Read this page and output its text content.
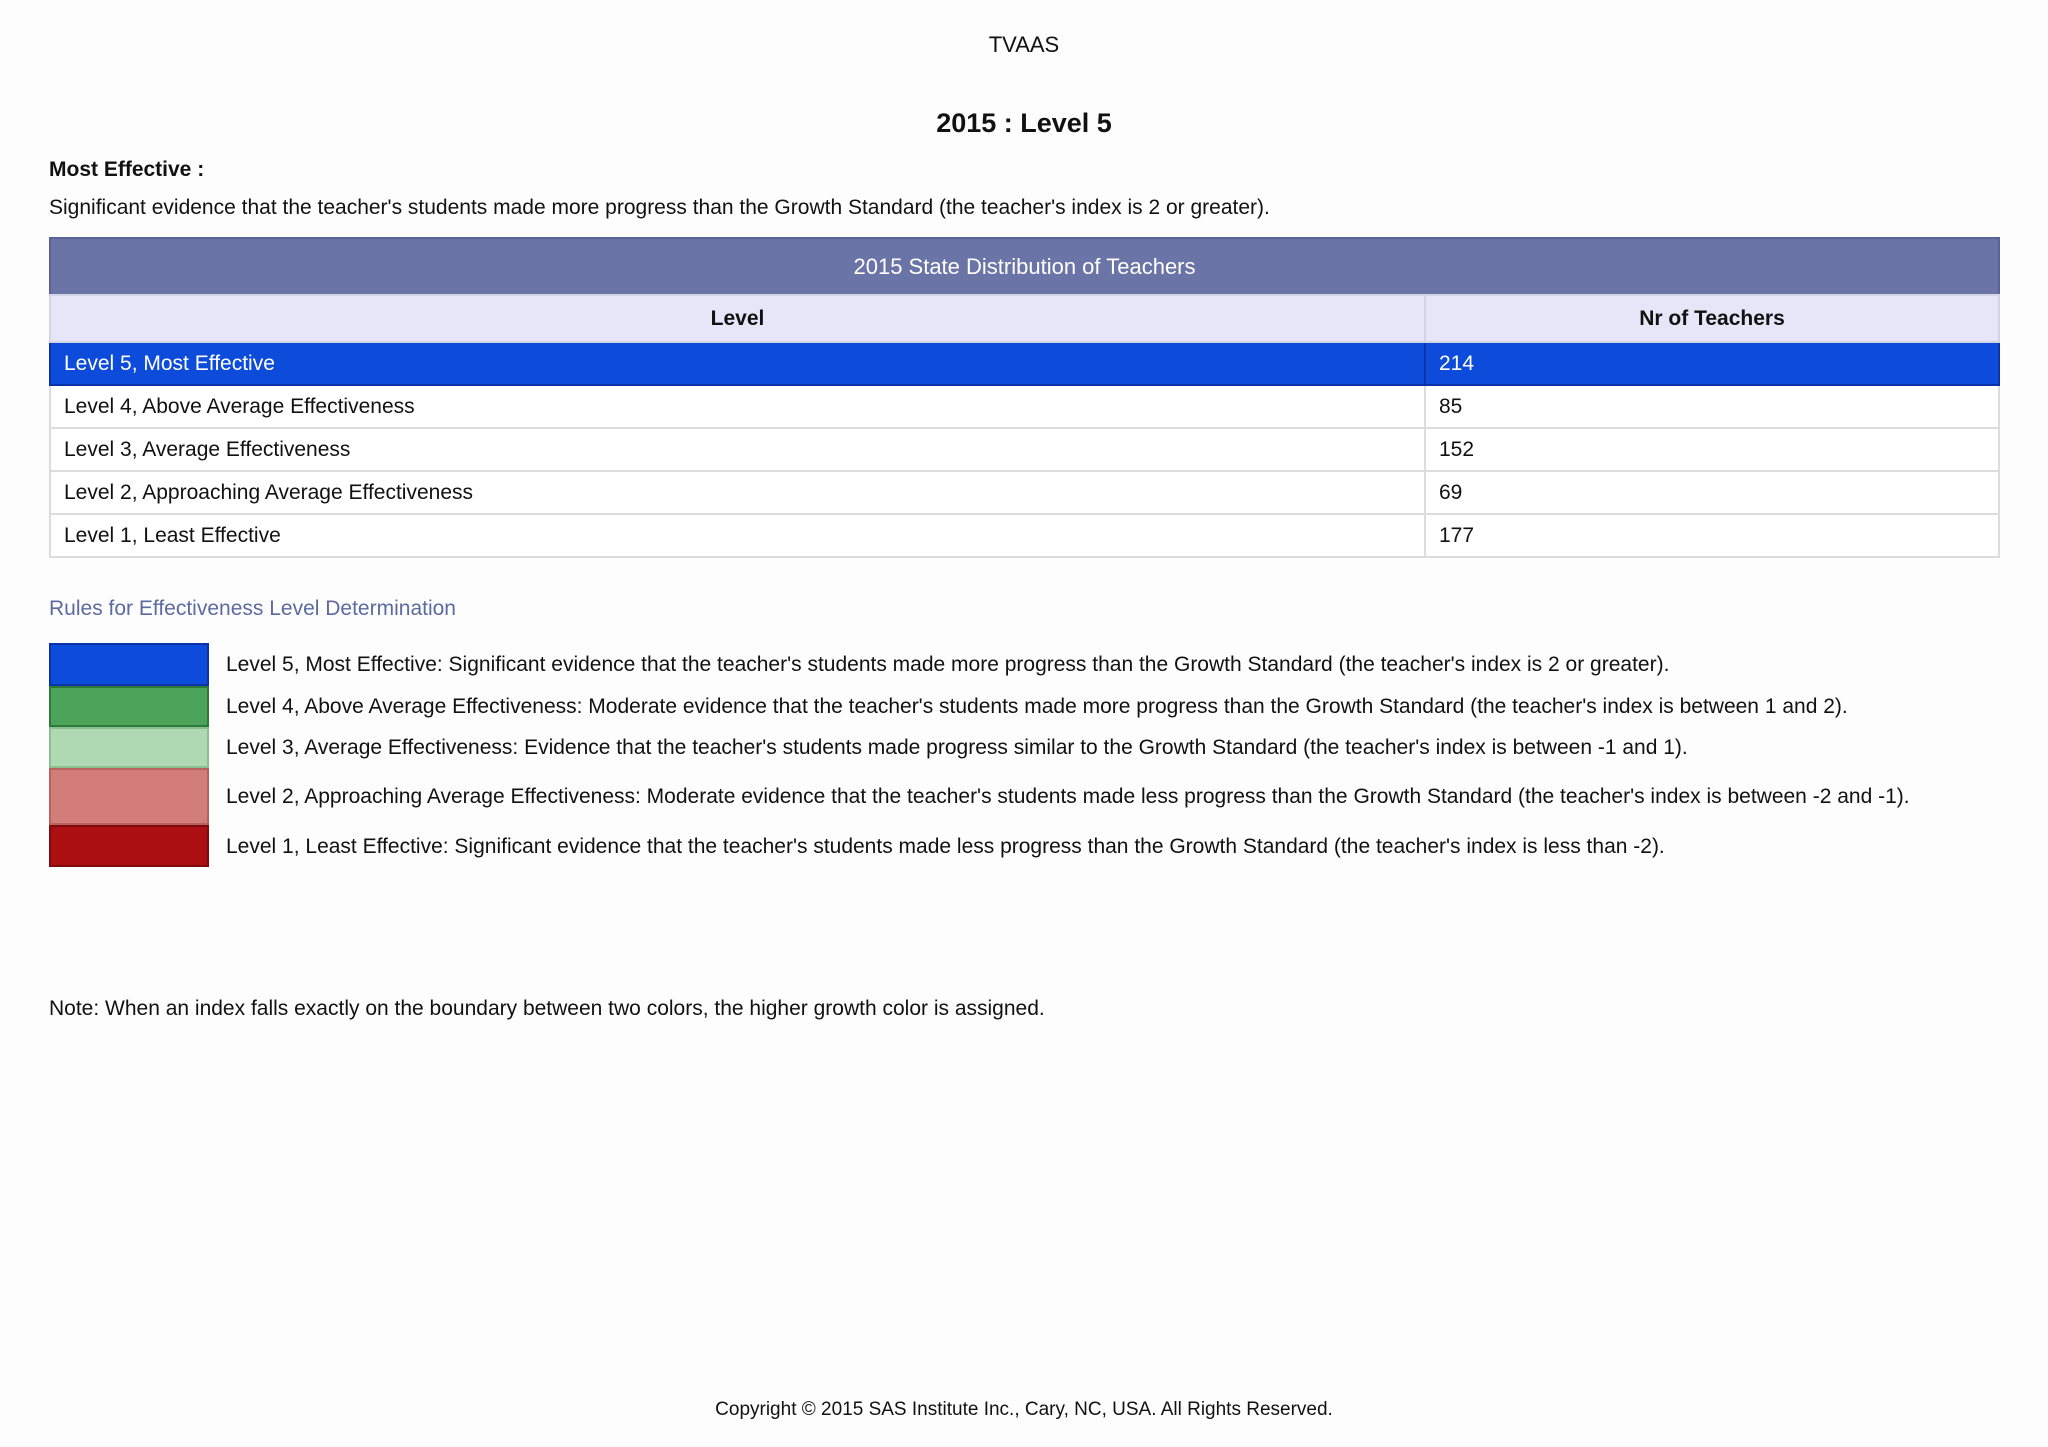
TVAAS
2015 : Level 5
Most Effective :
Significant evidence that the teacher's students made more progress than the Growth Standard (the teacher's index is 2 or greater).
2015 State Distribution of Teachers
Level	Nr of Teachers
Level 5, Most Effective	214
Level 4, Above Average Effectiveness	85
Level 3, Average Effectiveness	152
Level 2, Approaching Average Effectiveness	69
Level 1, Least Effective	177
Rules for Effectiveness Level Determination
Level 5, Most Effective: Significant evidence that the teacher's students made more progress than the Growth Standard (the teacher's index is 2 or greater).
Level 4, Above Average Effectiveness: Moderate evidence that the teacher's students made more progress than the Growth Standard (the teacher's index is between 1 and 2).
Level 3, Average Effectiveness: Evidence that the teacher's students made progress similar to the Growth Standard (the teacher's index is between -1 and 1).
Level 2, Approaching Average Effectiveness: Moderate evidence that the teacher's students made less progress than the Growth Standard (the teacher's index is between -2 and -1).
Level 1, Least Effective: Significant evidence that the teacher's students made less progress than the Growth Standard (the teacher's index is less than -2).
Note: When an index falls exactly on the boundary between two colors, the higher growth color is assigned.
Copyright © 2015 SAS Institute Inc., Cary, NC, USA. All Rights Reserved.
